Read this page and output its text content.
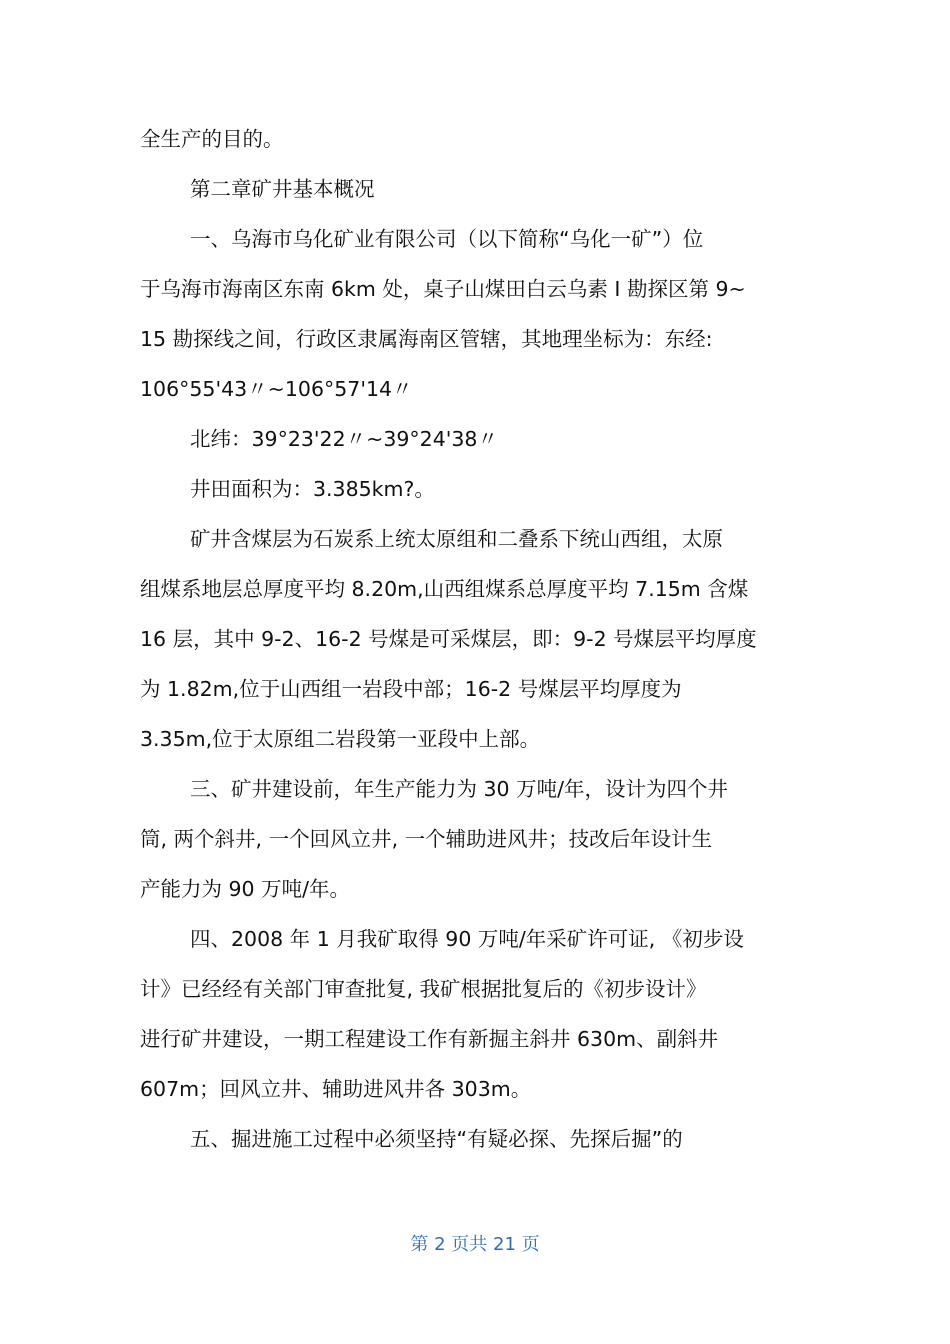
全生产的目的。

第二章矿井基本概况

一、乌海市乌化矿业有限公司（以下简称“乌化一矿”）位
于乌海市海南区东南 6km 处，桌子山煤田白云乌素 I 勘探区第 9~
15 勘探线之间，行政区隶属海南区管辖，其地理坐标为：东经:
106°55'43〃~106°57'14〃

北纬：39°23'22〃~39°24'38〃

井田面积为：3.385km?。

矿井含煤层为石炭系上统太原组和二叠系下统山西组，太原
组煤系地层总厚度平均 8.20m,山西组煤系总厚度平均 7.15m 含煤
16 层，其中 9-2、16-2 号煤是可采煤层，即：9-2 号煤层平均厚度
为 1.82m,位于山西组一岩段中部；16-2 号煤层平均厚度为
3.35m,位于太原组二岩段第一亚段中上部。

三、矿井建设前，年生产能力为 30 万吨/年，设计为四个井
筒, 两个斜井, 一个回风立井, 一个辅助进风井；技改后年设计生
产能力为 90 万吨/年。

四、2008 年 1 月我矿取得 90 万吨/年采矿许可证, 《初步设
计》已经经有关部门审查批复, 我矿根据批复后的《初步设计》
进行矿井建设，一期工程建设工作有新掘主斜井 630m、副斜井
607m；回风立井、辅助进风井各 303m。

五、掘进施工过程中必须坚持“有疑必探、先探后掘”的

第 2 页共 21 页
